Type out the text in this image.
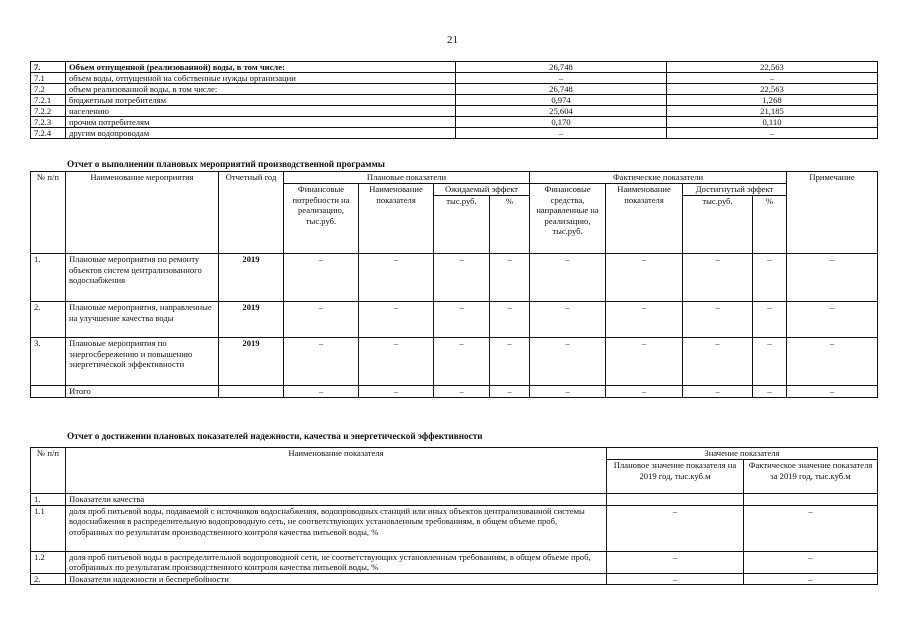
21
7.	Объем отпущенной (реализованной) воды, в том числе:	26,748	22,563
7.1	объем воды, отпущенной на собственные нужды организации	–	–
7.2	объем реализованной воды, в том числе:	26,748	22,563
7.2.1	бюджетным потребителям	0,974	1,268
7.2.2	населению	25,604	21,185
7.2.3	прочим потребителям	0,170	0,110
7.2.4	другим водопроводам	–	–
Отчет о выполнении плановых мероприятий производственной программы
№ п/п	Наименование мероприятия	Отчетный год	Плановые показатели				Фактические показатели				Примечание
			Финансовые потребности на реализацию, тыс.руб.	Наименование показателя	Ожидаемый эффект		Финансовые средства, направленные на реализацию, тыс.руб.	Наименование показателя	Достигнутый эффект		
					тыс.руб.	%			тыс.руб.	%	
1.	Плановые мероприятия по ремонту объектов систем централизованного водоснабжения	2019	–	–	–	–	–	–	–	–	–
2.	Плановые мероприятия, направленные на улучшение качества воды	2019	–	–	–	–	–	–	–	–	–
3.	Плановые мероприятия по энергосбережению и повышению энергетической эффективности	2019	–	–	–	–	–	–	–	–	–
	Итого		–	–	–	–	–	–	–	–	–
Отчет о достижении плановых показателей надежности, качества и энергетической эффективности
№ п/п	Наименование показателя	Значение показателя	
		Плановое значение показателя на 2019 год, тыс.куб.м	Фактическое значение показателя за 2019 год, тыс.куб.м
1.	Показатели качества		
1.1	доля проб питьевой воды, подаваемой с источников водоснабжения, водопроводных станций или иных объектов централизованной системы водоснабжения в распределительную водопроводную сеть, не соответствующих установленным требованиям, в общем объеме проб, отобранных по результатам производственного контроля качества питьевой воды, %	–	–
1.2	доля проб питьевой воды в распределительной водопроводной сети, не соответствующих установленным требованиям, в общем объеме проб, отобранных по результатам производственного контроля качества питьевой воды, %	–	–
2.	Показатели надежности и бесперебойности	–	–
